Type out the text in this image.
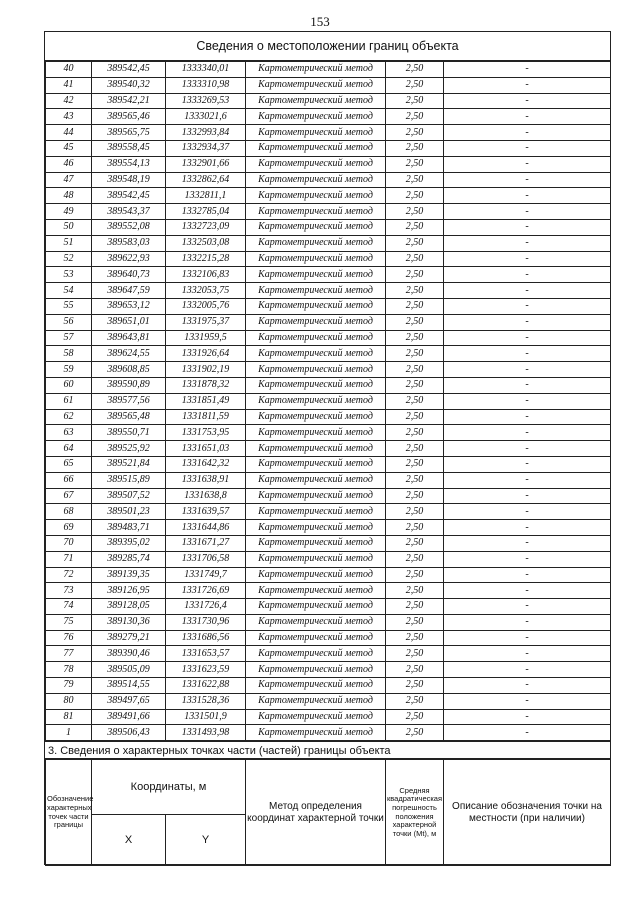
153
Сведения о местоположении границ объекта
40	389542,45	1333340,01	Картометрический метод	2,50	-
41	389540,32	1333310,98	Картометрический метод	2,50	-
42	389542,21	1333269,53	Картометрический метод	2,50	-
43	389565,46	1333021,6	Картометрический метод	2,50	-
44	389565,75	1332993,84	Картометрический метод	2,50	-
45	389558,45	1332934,37	Картометрический метод	2,50	-
46	389554,13	1332901,66	Картометрический метод	2,50	-
47	389548,19	1332862,64	Картометрический метод	2,50	-
48	389542,45	1332811,1	Картометрический метод	2,50	-
49	389543,37	1332785,04	Картометрический метод	2,50	-
50	389552,08	1332723,09	Картометрический метод	2,50	-
51	389583,03	1332503,08	Картометрический метод	2,50	-
52	389622,93	1332215,28	Картометрический метод	2,50	-
53	389640,73	1332106,83	Картометрический метод	2,50	-
54	389647,59	1332053,75	Картометрический метод	2,50	-
55	389653,12	1332005,76	Картометрический метод	2,50	-
56	389651,01	1331975,37	Картометрический метод	2,50	-
57	389643,81	1331959,5	Картометрический метод	2,50	-
58	389624,55	1331926,64	Картометрический метод	2,50	-
59	389608,85	1331902,19	Картометрический метод	2,50	-
60	389590,89	1331878,32	Картометрический метод	2,50	-
61	389577,56	1331851,49	Картометрический метод	2,50	-
62	389565,48	1331811,59	Картометрический метод	2,50	-
63	389550,71	1331753,95	Картометрический метод	2,50	-
64	389525,92	1331651,03	Картометрический метод	2,50	-
65	389521,84	1331642,32	Картометрический метод	2,50	-
66	389515,89	1331638,91	Картометрический метод	2,50	-
67	389507,52	1331638,8	Картометрический метод	2,50	-
68	389501,23	1331639,57	Картометрический метод	2,50	-
69	389483,71	1331644,86	Картометрический метод	2,50	-
70	389395,02	1331671,27	Картометрический метод	2,50	-
71	389285,74	1331706,58	Картометрический метод	2,50	-
72	389139,35	1331749,7	Картометрический метод	2,50	-
73	389126,95	1331726,69	Картометрический метод	2,50	-
74	389128,05	1331726,4	Картометрический метод	2,50	-
75	389130,36	1331730,96	Картометрический метод	2,50	-
76	389279,21	1331686,56	Картометрический метод	2,50	-
77	389390,46	1331653,57	Картометрический метод	2,50	-
78	389505,09	1331623,59	Картометрический метод	2,50	-
79	389514,55	1331622,88	Картометрический метод	2,50	-
80	389497,65	1331528,36	Картометрический метод	2,50	-
81	389491,66	1331501,9	Картометрический метод	2,50	-
1	389506,43	1331493,98	Картометрический метод	2,50	-
3. Сведения о характерных точках части (частей) границы объекта
Обозначение характерных точек части границы	Координаты, м		Метод определения координат характерной точки	Средняя квадратическая погрешность положения характерной точки (Mt), м	Описание обозначения точки на местности (при наличии)
	X	Y			
